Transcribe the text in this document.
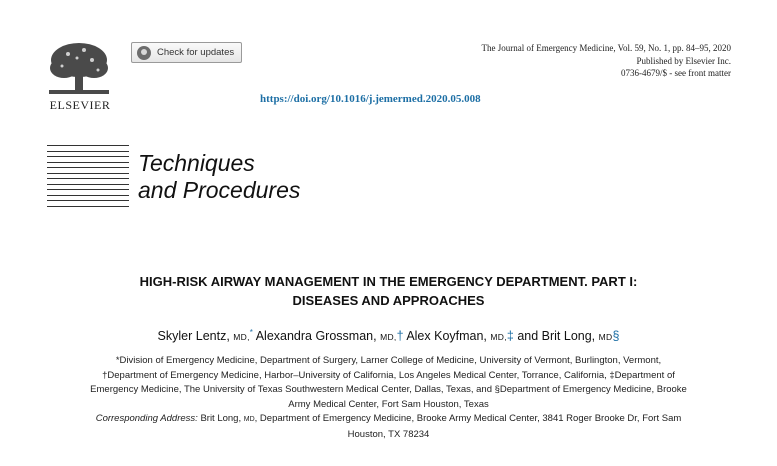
ELSEVIER
Check for updates	The Journal of Emergency Medicine, Vol. 59, No. 1, pp. 84–95, 2020
Published by Elsevier Inc.
0736-4679/$ - see front matter
https://doi.org/10.1016/j.jemermed.2020.05.008
Techniques
and Procedures
HIGH-RISK AIRWAY MANAGEMENT IN THE EMERGENCY DEPARTMENT. PART I:
DISEASES AND APPROACHES
Skyler Lentz, MD,* Alexandra Grossman, MD,† Alex Koyfman, MD,‡ and Brit Long, MD§
*Division of Emergency Medicine, Department of Surgery, Larner College of Medicine, University of Vermont, Burlington, Vermont,
†Department of Emergency Medicine, Harbor–University of California, Los Angeles Medical Center, Torrance, California, ‡Department of
Emergency Medicine, The University of Texas Southwestern Medical Center, Dallas, Texas, and §Department of Emergency Medicine, Brooke
Army Medical Center, Fort Sam Houston, Texas
Corresponding Address: Brit Long, MD, Department of Emergency Medicine, Brooke Army Medical Center, 3841 Roger Brooke Dr, Fort Sam
Houston, TX 78234
